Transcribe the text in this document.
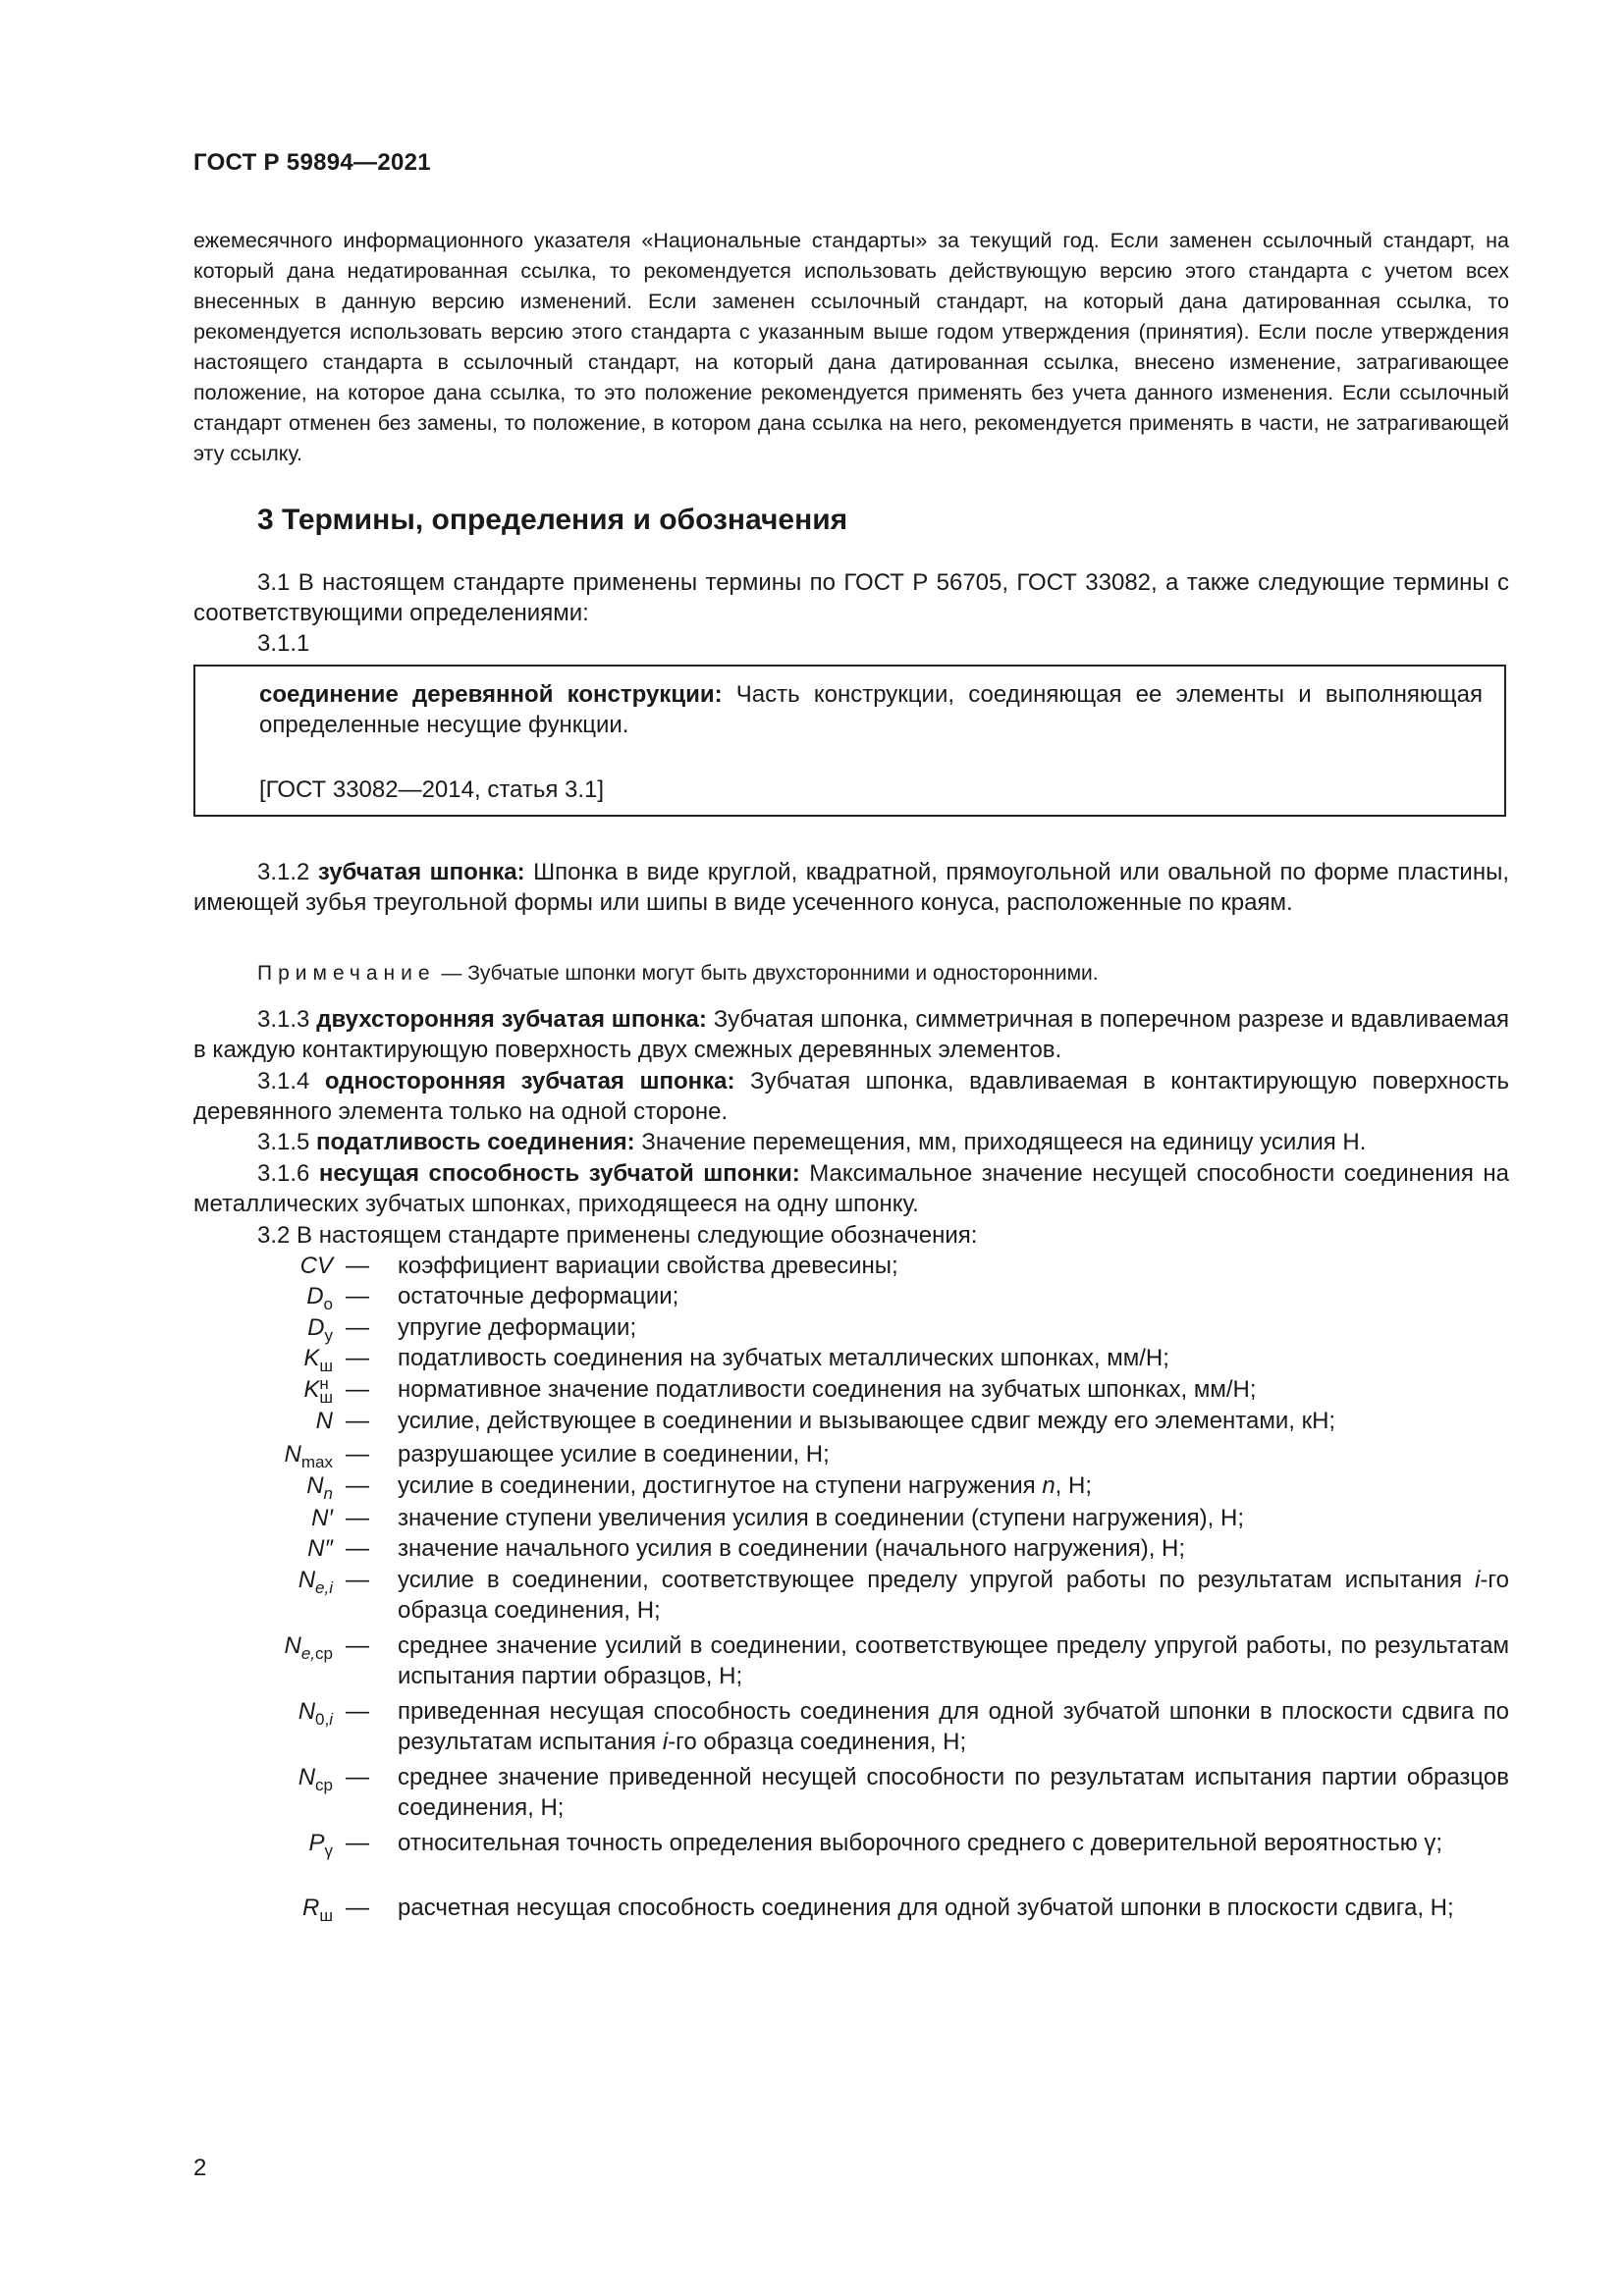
ГОСТ Р 59894—2021
ежемесячного информационного указателя «Национальные стандарты» за текущий год. Если заменен ссылочный стандарт, на который дана недатированная ссылка, то рекомендуется использовать действующую версию этого стандарта с учетом всех внесенных в данную версию изменений. Если заменен ссылочный стандарт, на который дана датированная ссылка, то рекомендуется использовать версию этого стандарта с указанным выше годом утверждения (принятия). Если после утверждения настоящего стандарта в ссылочный стандарт, на который дана датированная ссылка, внесено изменение, затрагивающее положение, на которое дана ссылка, то это положение рекомендуется применять без учета данного изменения. Если ссылочный стандарт отменен без замены, то положение, в котором дана ссылка на него, рекомендуется применять в части, не затрагивающей эту ссылку.
3 Термины, определения и обозначения
3.1 В настоящем стандарте применены термины по ГОСТ Р 56705, ГОСТ 33082, а также следующие термины с соответствующими определениями:
3.1.1
соединение деревянной конструкции: Часть конструкции, соединяющая ее элементы и выполняющая определенные несущие функции.
[ГОСТ 33082—2014, статья 3.1]
3.1.2 зубчатая шпонка: Шпонка в виде круглой, квадратной, прямоугольной или овальной по форме пластины, имеющей зубья треугольной формы или шипы в виде усеченного конуса, расположенные по краям.
Примечание — Зубчатые шпонки могут быть двухсторонними и односторонними.
3.1.3 двухсторонняя зубчатая шпонка: Зубчатая шпонка, симметричная в поперечном разрезе и вдавливаемая в каждую контактирующую поверхность двух смежных деревянных элементов.
3.1.4 односторонняя зубчатая шпонка: Зубчатая шпонка, вдавливаемая в контактирующую поверхность деревянного элемента только на одной стороне.
3.1.5 податливость соединения: Значение перемещения, мм, приходящееся на единицу усилия Н.
3.1.6 несущая способность зубчатой шпонки: Максимальное значение несущей способности соединения на металлических зубчатых шпонках, приходящееся на одну шпонку.
3.2 В настоящем стандарте применены следующие обозначения:
CV — коэффициент вариации свойства древесины;
$D_о$ — остаточные деформации;
$D_у$ — упругие деформации;
$K_ш$ — податливость соединения на зубчатых металлических шпонках, мм/Н;
$K_ш$
н — нормативное значение податливости соединения на зубчатых шпонках, мм/Н;
N — усилие, действующее в соединении и вызывающее сдвиг между его элементами, кН;
$N_{max}$ — разрушающее усилие в соединении, Н;
$N_n$ — усилие в соединении, достигнутое на ступени нагружения n, Н;
N′ — значение ступени увеличения усилия в соединении (ступени нагружения), Н;
N″ — значение начального усилия в соединении (начального нагружения), Н;
$N_{e,i}$ — усилие в соединении, соответствующее пределу упругой работы по результатам испытания i-го образца соединения, Н;
$N_{e,ср}$ — среднее значение усилий в соединении, соответствующее пределу упругой работы, по результатам испытания партии образцов, Н;
$N_{0,i}$ — приведенная несущая способность соединения для одной зубчатой шпонки в плоскости сдвига по результатам испытания i-го образца соединения, Н;
$N_{ср}$ — среднее значение приведенной несущей способности по результатам испытания партии образцов соединения, Н;
$P_\gamma$ — относительная точность определения выборочного среднего с доверительной вероятностью γ;
$R_ш$ — расчетная несущая способность соединения для одной зубчатой шпонки в плоскости сдвига, Н;
2
